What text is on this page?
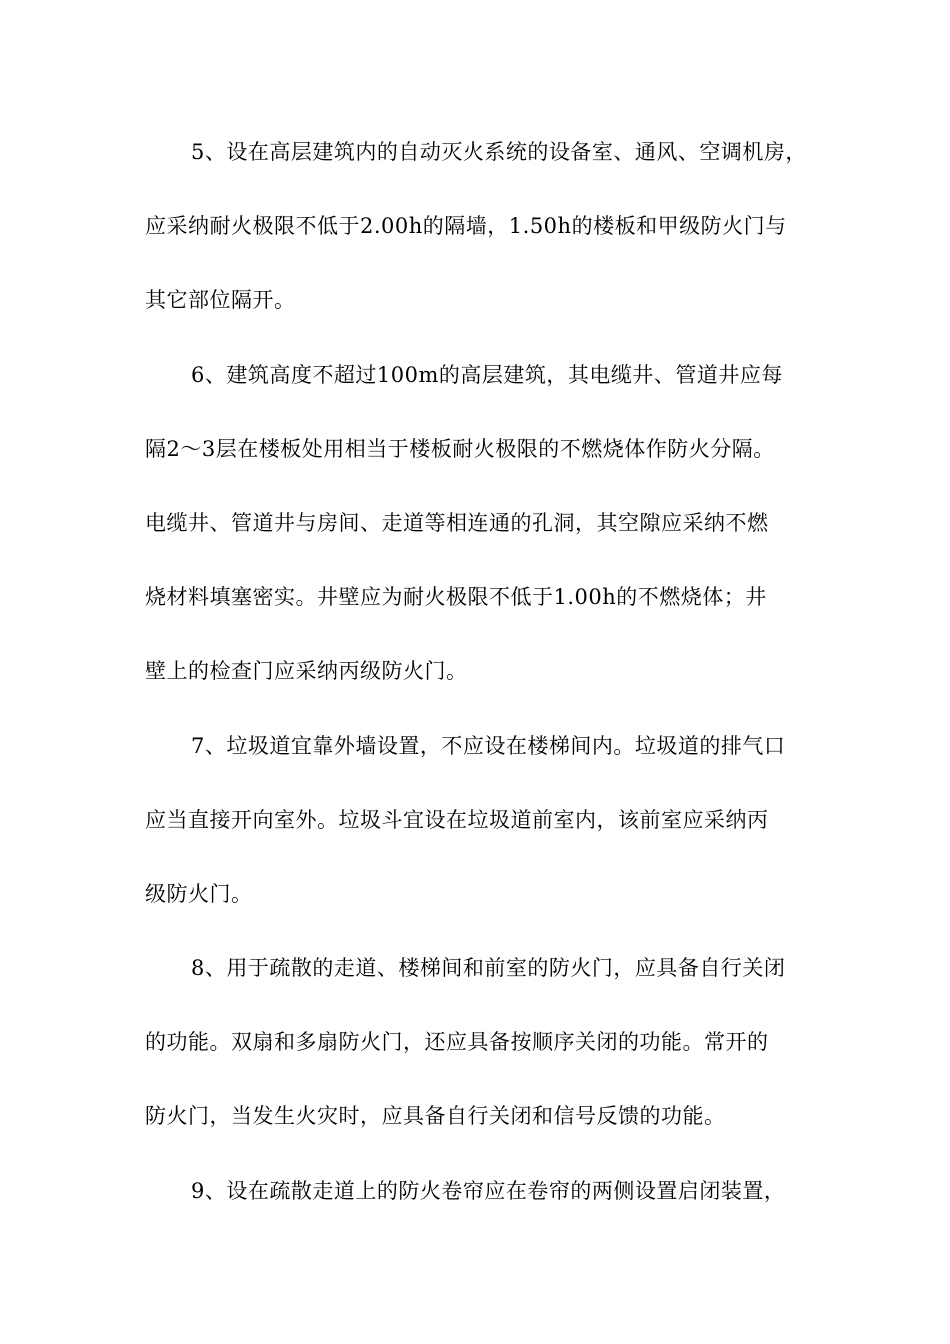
5、设在高层建筑内的自动灭火系统的设备室、通风、空调机房，
应采纳耐火极限不低于2.00h的隔墙，1.50h的楼板和甲级防火门与
其它部位隔开。
6、建筑高度不超过100m的高层建筑，其电缆井、管道井应每
隔2～3层在楼板处用相当于楼板耐火极限的不燃烧体作防火分隔。
电缆井、管道井与房间、走道等相连通的孔洞，其空隙应采纳不燃
烧材料填塞密实。井壁应为耐火极限不低于1.00h的不燃烧体；井
壁上的检查门应采纳丙级防火门。
7、垃圾道宜靠外墙设置，不应设在楼梯间内。垃圾道的排气口
应当直接开向室外。垃圾斗宜设在垃圾道前室内，该前室应采纳丙
级防火门。
8、用于疏散的走道、楼梯间和前室的防火门，应具备自行关闭
的功能。双扇和多扇防火门，还应具备按顺序关闭的功能。常开的
防火门，当发生火灾时，应具备自行关闭和信号反馈的功能。
9、设在疏散走道上的防火卷帘应在卷帘的两侧设置启闭装置，
